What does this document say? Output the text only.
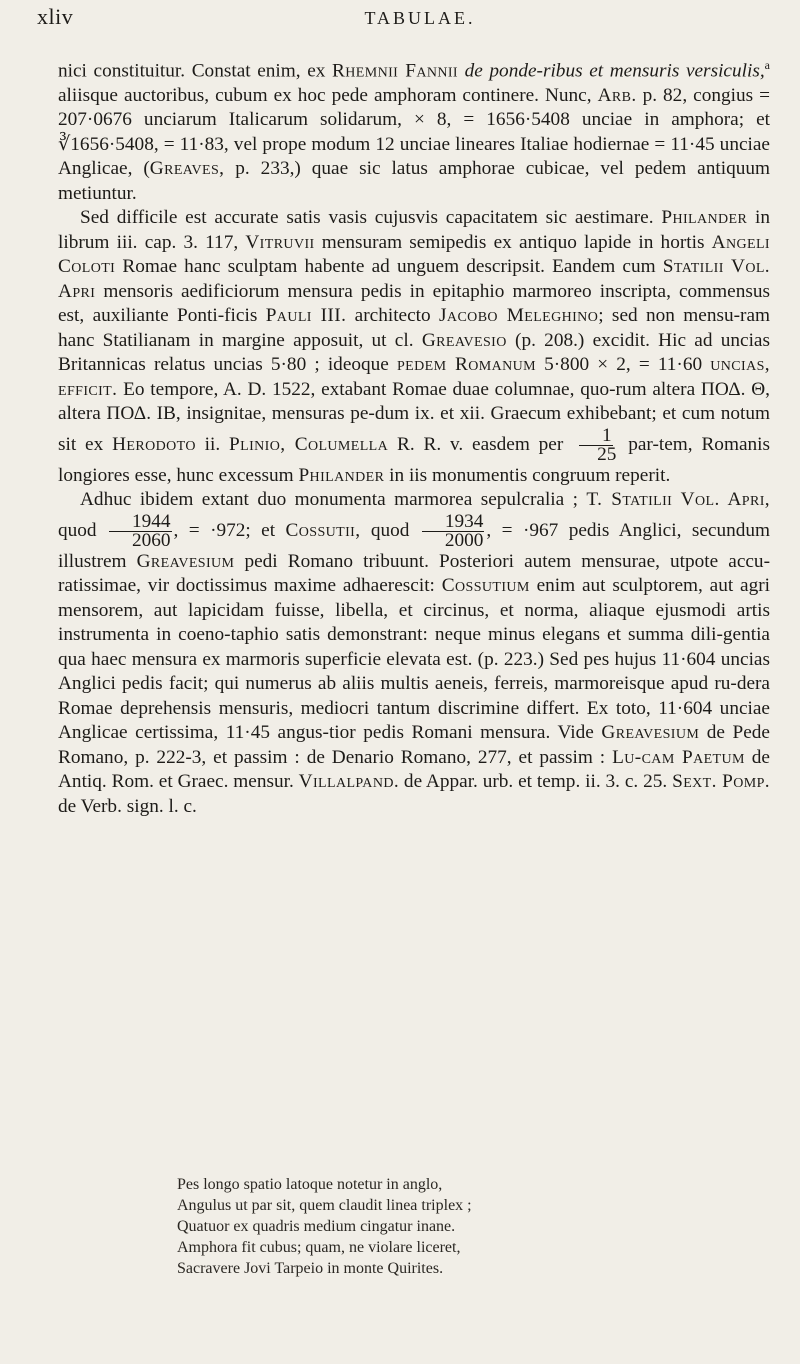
xliv	TABULAE.

nici constituitur. Constat enim, ex Rhemnii Fannii de ponde-ribus et mensuris versiculis,$^a$ aliisque auctoribus, cubum ex hoc pede amphoram continere. Nunc, Arb. p. 82, congius = 207·0676 unciarum Italicarum solidarum, × 8, = 1656·5408 unciae in amphora; et ∛1656·5408, = 11·83, vel prope modum 12 unciae lineares Italiae hodiernae = 11·45 unciae Anglicae, (Greaves, p. 233,) quae sic latus amphorae cubicae, vel pedem antiquum metiuntur.

Sed difficile est accurate satis vasis cujusvis capacitatem sic aestimare. Philander in librum iii. cap. 3. 117, Vitruvii mensuram semipedis ex antiquo lapide in hortis Angeli Coloti Romae hanc sculptam habente ad unguem descripsit. Eandem cum Statilii Vol. Apri mensoris aedificiorum mensura pedis in epitaphio marmoreo inscripta, commensus est, auxiliante Ponti-ficis Pauli III. architecto Jacobo Meleghino; sed non mensu-ram hanc Statilianam in margine apposuit, ut cl. Greavesio (p. 208.) excidit. Hic ad uncias Britannicas relatus uncias 5·80 ; ideoque pedem Romanum 5·800 × 2, = 11·60 uncias, efficit. Eo tempore, A. D. 1522, extabant Romae duae columnae, quo-rum altera ΠΟΔ. Θ, altera ΠΟΔ. ΙΒ, insignitae, mensuras pe-dum ix. et xii. Graecum exhibebant; et cum notum sit ex Herodoto ii. Plinio, Columella R. R. v. easdem per $\frac{1}{25} par-tem$, Romanis longiores esse, hunc excessum Philander in iis monumentis congruum reperit.

Adhuc ibidem extant duo monumenta marmorea sepulcralia ; T. Statilii Vol. Apri, quod $\frac{1944}{2060}$ , = ·972; et Cossutii, quod $\frac{1934}{2000}$ , = ·967 pedis Anglici, secundum illustrem Greavesium pedi Romano tribuunt. Posteriori autem mensurae, utpote accu-ratissimae, vir doctissimus maxime adhaerescit: Cossutium enim aut sculptorem, aut agri mensorem, aut lapicidam fuisse, libella, et circinus, et norma, aliaque ejusmodi artis instrumenta in coeno-taphio satis demonstrant: neque minus elegans et summa dili-gentia qua haec mensura ex marmoris superficie elevata est. (p. 223.) Sed pes hujus 11·604 uncias Anglici pedis facit; qui numerus ab aliis multis aeneis, ferreis, marmoreisque apud ru-dera Romae deprehensis mensuris, mediocri tantum discrimine differt. Ex toto, 11·604 unciae Anglicae certissima, 11·45 angus-tior pedis Romani mensura. Vide Greavesium de Pede Romano, p. 222-3, et passim : de Denario Romano, 277, et passim : Lu-cam Paetum de Antiq. Rom. et Graec. mensur. Villalpand. de Appar. urb. et temp. ii. 3. c. 25. Sext. Pomp. de Verb. sign. l. c.

Pes longo spatio latoque notetur in anglo,
Angulus ut par sit, quem claudit linea triplex ;
Quatuor ex quadris medium cingatur inane.
Amphora fit cubus; quam, ne violare liceret,
Sacravere Jovi Tarpeio in monte Quirites.
